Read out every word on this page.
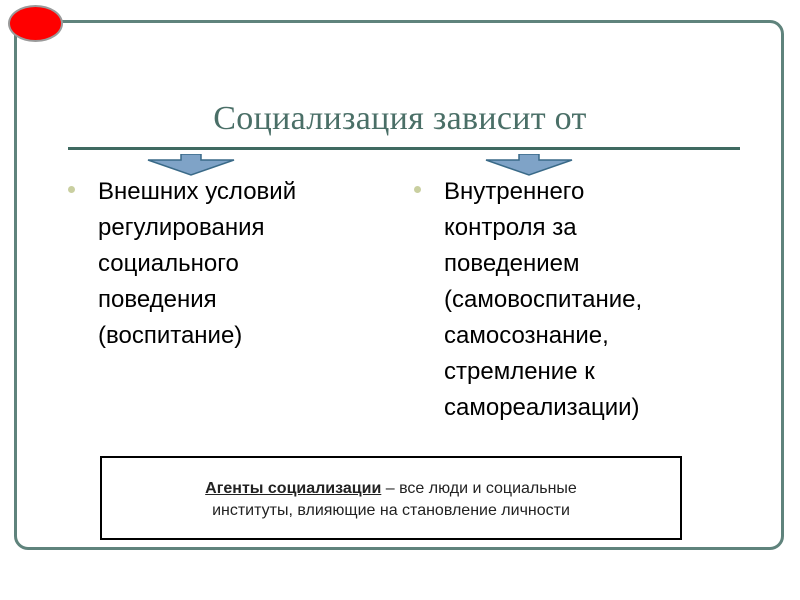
Социализация зависит от
Внешних условий
регулирования
социального
поведения
(воспитание)
Внутреннего
контроля за
поведением
(самовоспитание,
самосознание,
стремление к
самореализации)
Агенты социализации – все люди и социальные
институты, влияющие на становление личности
